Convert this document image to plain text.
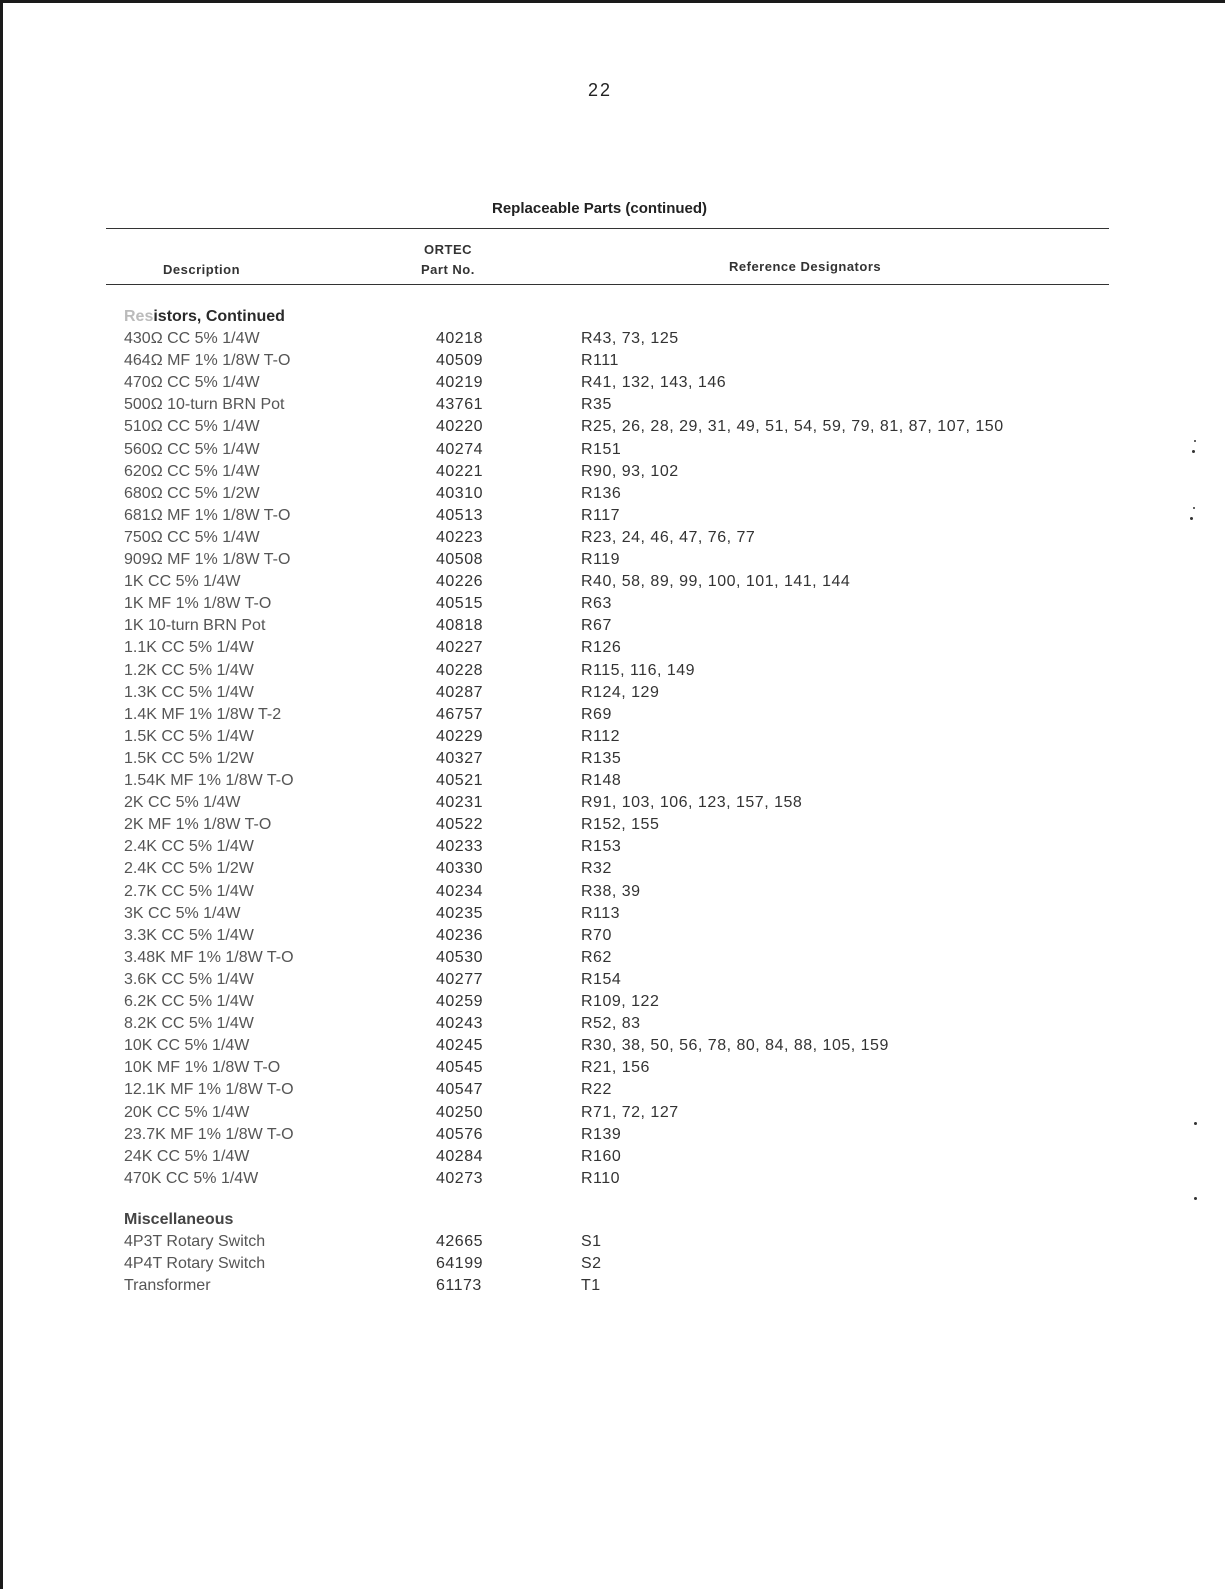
22
Replaceable Parts (continued)
Description
ORTEC
Part No.	Reference Designators
Resistors, Continued
430Ω CC 5% 1/4W	40218	R43, 73, 125
464Ω MF 1% 1/8W T-O	40509	R111
470Ω CC 5% 1/4W	40219	R41, 132, 143, 146
500Ω 10-turn BRN Pot	43761	R35
510Ω CC 5% 1/4W	40220	R25, 26, 28, 29, 31, 49, 51, 54, 59, 79, 81, 87, 107, 150
560Ω CC 5% 1/4W	40274	R151
620Ω CC 5% 1/4W	40221	R90, 93, 102
680Ω CC 5% 1/2W	40310	R136
681Ω MF 1% 1/8W T-O	40513	R117
750Ω CC 5% 1/4W	40223	R23, 24, 46, 47, 76, 77
909Ω MF 1% 1/8W T-O	40508	R119
1K CC 5% 1/4W	40226	R40, 58, 89, 99, 100, 101, 141, 144
1K MF 1% 1/8W T-O	40515	R63
1K 10-turn BRN Pot	40818	R67
1.1K CC 5% 1/4W	40227	R126
1.2K CC 5% 1/4W	40228	R115, 116, 149
1.3K CC 5% 1/4W	40287	R124, 129
1.4K MF 1% 1/8W T-2	46757	R69
1.5K CC 5% 1/4W	40229	R112
1.5K CC 5% 1/2W	40327	R135
1.54K MF 1% 1/8W T-O	40521	R148
2K CC 5% 1/4W	40231	R91, 103, 106, 123, 157, 158
2K MF 1% 1/8W T-O	40522	R152, 155
2.4K CC 5% 1/4W	40233	R153
2.4K CC 5% 1/2W	40330	R32
2.7K CC 5% 1/4W	40234	R38, 39
3K CC 5% 1/4W	40235	R113
3.3K CC 5% 1/4W	40236	R70
3.48K MF 1% 1/8W T-O	40530	R62
3.6K CC 5% 1/4W	40277	R154
6.2K CC 5% 1/4W	40259	R109, 122
8.2K CC 5% 1/4W	40243	R52, 83
10K CC 5% 1/4W	40245	R30, 38, 50, 56, 78, 80, 84, 88, 105, 159
10K MF 1% 1/8W T-O	40545	R21, 156
12.1K MF 1% 1/8W T-O	40547	R22
20K CC 5% 1/4W	40250	R71, 72, 127
23.7K MF 1% 1/8W T-O	40576	R139
24K CC 5% 1/4W	40284	R160
470K CC 5% 1/4W	40273	R110
Miscellaneous
4P3T Rotary Switch	42665	S1
4P4T Rotary Switch	64199	S2
Transformer	61173	T1
